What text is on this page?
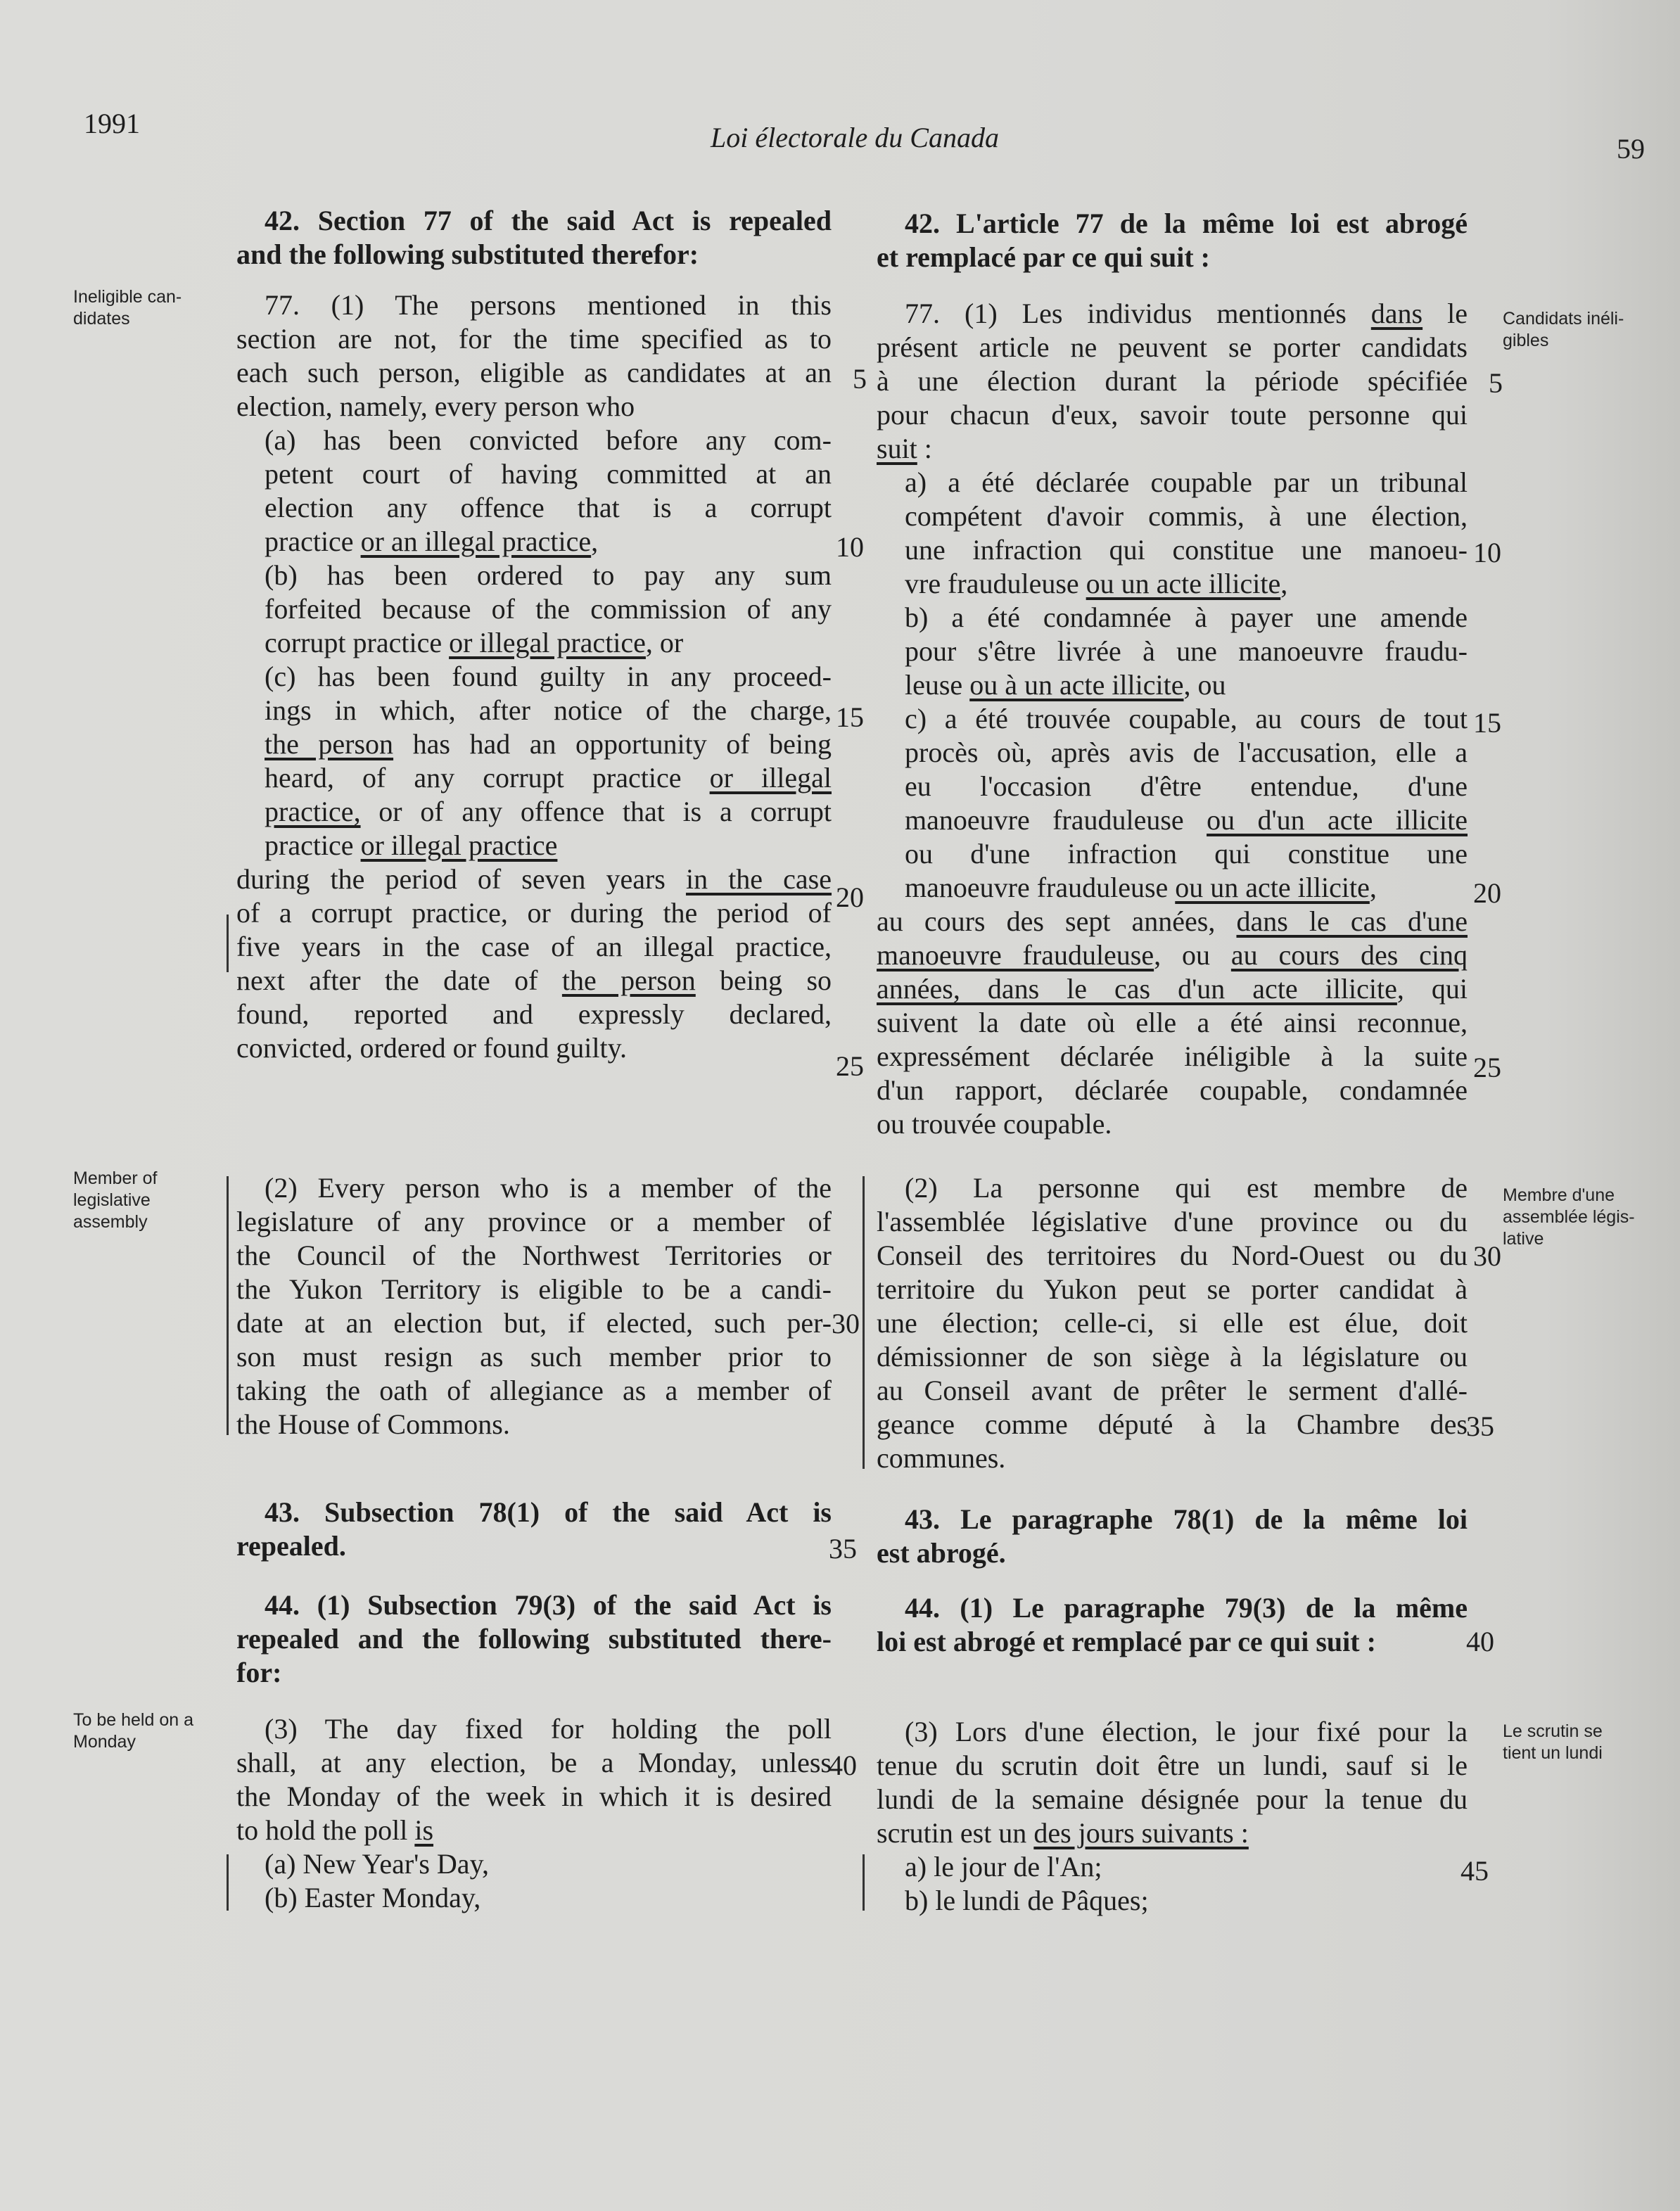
1991	Loi électorale du Canada	59
Ineligible can-
didates
Member of
legislative
assembly
To be held on a
Monday
Candidats inéli-
gibles
Membre d'une
assemblée légis-
lative
Le scrutin se
tient un lundi
42. Section 77 of the said Act is repealed
and the following substituted therefor:
77. (1) The persons mentioned in this
section are not, for the time specified as to
each such person, eligible as candidates at an
election, namely, every person who
(a) has been convicted before any com-
petent court of having committed at an
election any offence that is a corrupt
practice or an illegal practice,
(b) has been ordered to pay any sum
forfeited because of the commission of any
corrupt practice or illegal practice, or
(c) has been found guilty in any proceed-
ings in which, after notice of the charge,
the person has had an opportunity of being
heard, of any corrupt practice or illegal
practice, or of any offence that is a corrupt
practice or illegal practice
during the period of seven years in the case
of a corrupt practice, or during the period of
five years in the case of an illegal practice,
next after the date of the person being so
found, reported and expressly declared,
convicted, ordered or found guilty.
(2) Every person who is a member of the
legislature of any province or a member of
the Council of the Northwest Territories or
the Yukon Territory is eligible to be a candi-
date at an election but, if elected, such per-
son must resign as such member prior to
taking the oath of allegiance as a member of
the House of Commons.
43. Subsection 78(1) of the said Act is
repealed.
44. (1) Subsection 79(3) of the said Act is
repealed and the following substituted there-
for:
(3) The day fixed for holding the poll
shall, at any election, be a Monday, unless
the Monday of the week in which it is desired
to hold the poll is
(a) New Year's Day,
(b) Easter Monday,
42. L'article 77 de la même loi est abrogé
et remplacé par ce qui suit :
77. (1) Les individus mentionnés dans le
présent article ne peuvent se porter candidats
à une élection durant la période spécifiée
pour chacun d'eux, savoir toute personne qui
suit :
a) a été déclarée coupable par un tribunal
compétent d'avoir commis, à une élection,
une infraction qui constitue une manoeu-
vre frauduleuse ou un acte illicite,
b) a été condamnée à payer une amende
pour s'être livrée à une manoeuvre fraudu-
leuse ou à un acte illicite, ou
c) a été trouvée coupable, au cours de tout
procès où, après avis de l'accusation, elle a
eu l'occasion d'être entendue, d'une
manoeuvre frauduleuse ou d'un acte illicite
ou d'une infraction qui constitue une
manoeuvre frauduleuse ou un acte illicite,
au cours des sept années, dans le cas d'une
manoeuvre frauduleuse, ou au cours des cinq
années, dans le cas d'un acte illicite, qui
suivent la date où elle a été ainsi reconnue,
expressément déclarée inéligible à la suite
d'un rapport, déclarée coupable, condamnée
ou trouvée coupable.
(2) La personne qui est membre de
l'assemblée législative d'une province ou du
Conseil des territoires du Nord-Ouest ou du
territoire du Yukon peut se porter candidat à
une élection; celle-ci, si elle est élue, doit
démissionner de son siège à la législature ou
au Conseil avant de prêter le serment d'allé-
geance comme député à la Chambre des
communes.
43. Le paragraphe 78(1) de la même loi
est abrogé.
44. (1) Le paragraphe 79(3) de la même
loi est abrogé et remplacé par ce qui suit :
(3) Lors d'une élection, le jour fixé pour la
tenue du scrutin doit être un lundi, sauf si le
lundi de la semaine désignée pour la tenue du
scrutin est un des jours suivants :
a) le jour de l'An;
b) le lundi de Pâques;
5
10
15
20
25
30
35
40
5
10
15
20
25
30
35
40
45
